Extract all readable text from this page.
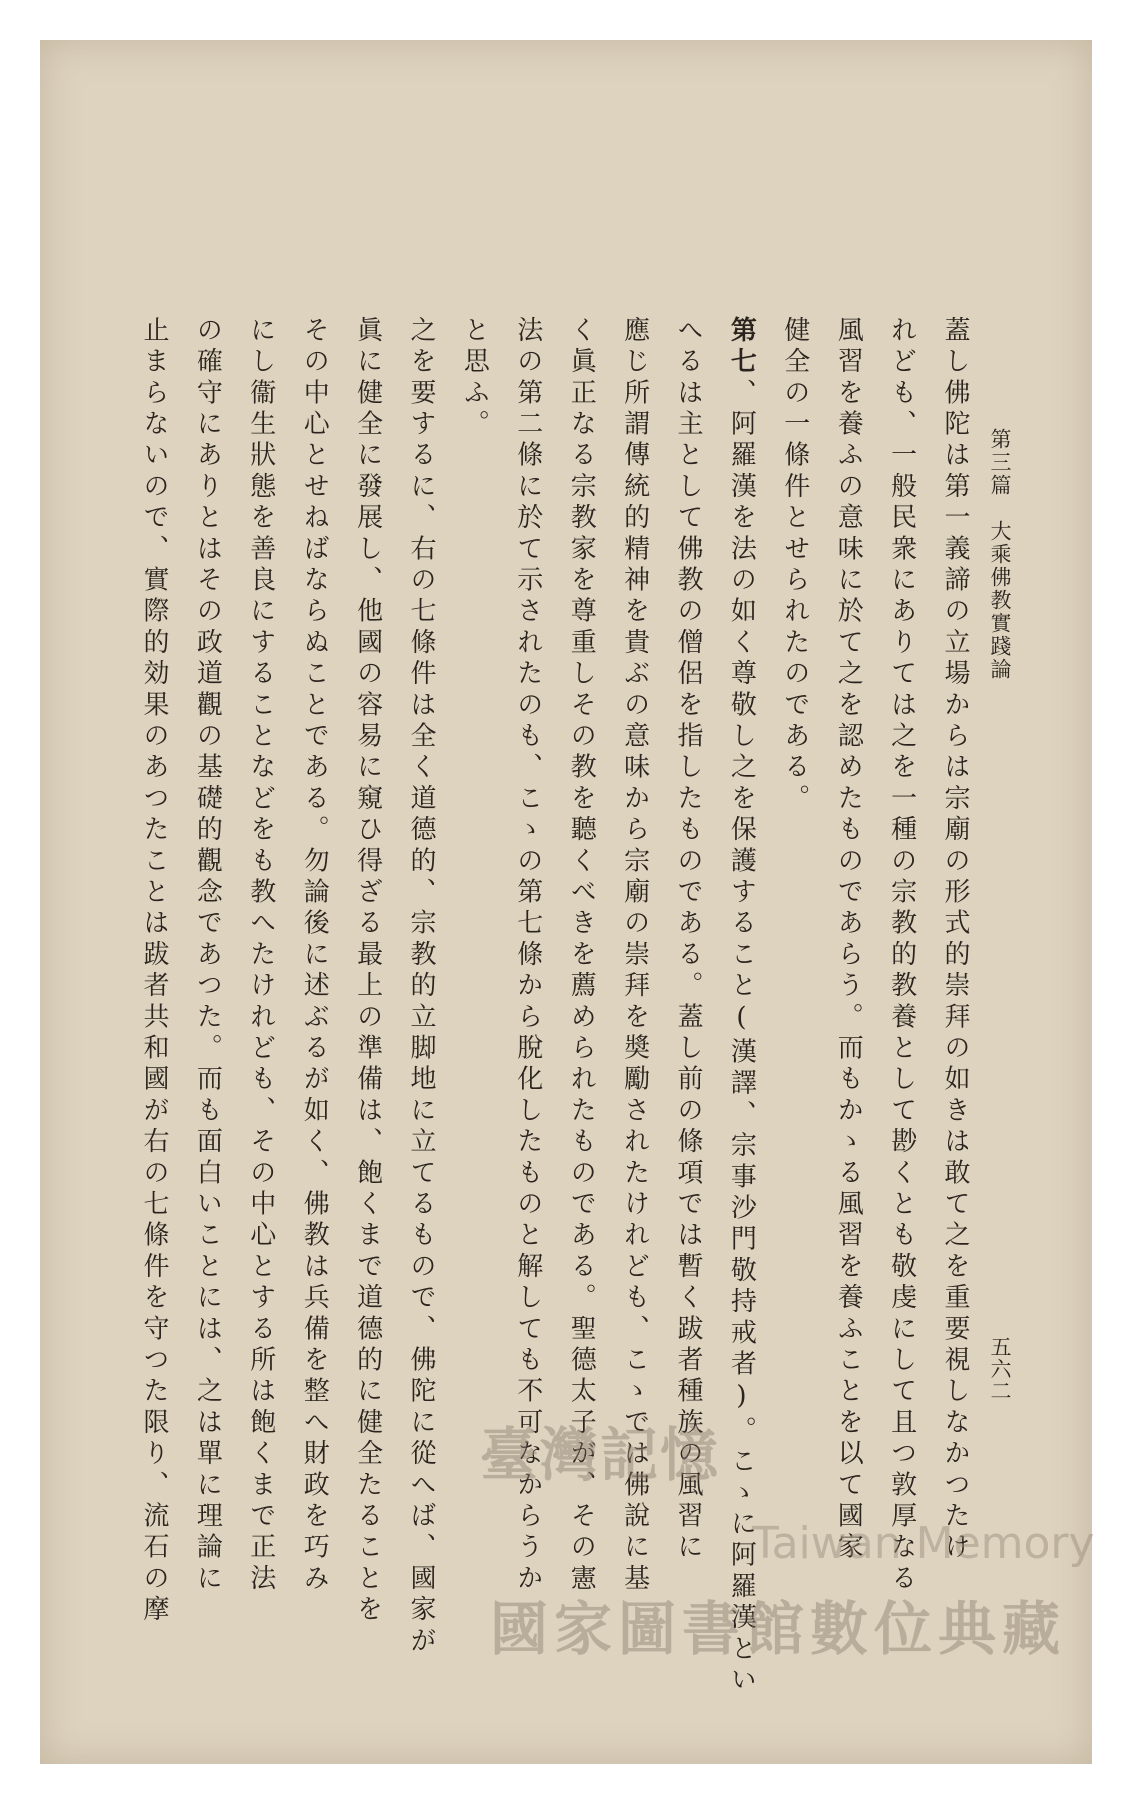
第三篇　大乘佛教實踐論
五六二
蓋し佛陀は第一義諦の立場からは宗廟の形式的崇拜の如きは敢て之を重要視しなかつたけ
れども、一般民衆にありては之を一種の宗教的教養として尠くとも敬虔にして且つ敦厚なる
風習を養ふの意味に於て之を認めたものであらう。而もかゝる風習を養ふことを以て國家
健全の一條件とせられたのである。
第七、阿羅漢を法の如く尊敬し之を保護すること(漢譯、宗事沙門敬持戒者)。こゝに阿羅漢とい
へるは主として佛教の僧侶を指したものである。蓋し前の條項では暫く跋者種族の風習に
應じ所謂傳統的精神を貴ぶの意味から宗廟の崇拜を奬勵されたけれども、こゝでは佛說に基
く眞正なる宗教家を尊重しその教を聽くべきを薦められたものである。聖德太子が、その憲
法の第二條に於て示されたのも、こゝの第七條から脫化したものと解しても不可なからうか
と思ふ。
之を要するに、右の七條件は全く道德的、宗教的立脚地に立てるもので、佛陀に從へば、國家が
眞に健全に發展し、他國の容易に窺ひ得ざる最上の準備は、飽くまで道德的に健全たることを
その中心とせねばならぬことである。勿論後に述ぶるが如く、佛教は兵備を整へ財政を巧み
にし衞生狀態を善良にすることなどをも教へたけれども、その中心とする所は飽くまで正法
の確守にありとはその政道觀の基礎的觀念であつた。而も面白いことには、之は單に理論に
止まらないので、實際的効果のあつたことは跋者共和國が右の七條件を守つた限り、流石の摩	臺灣記憶
Taiwan Memory
國家圖書館數位典藏
